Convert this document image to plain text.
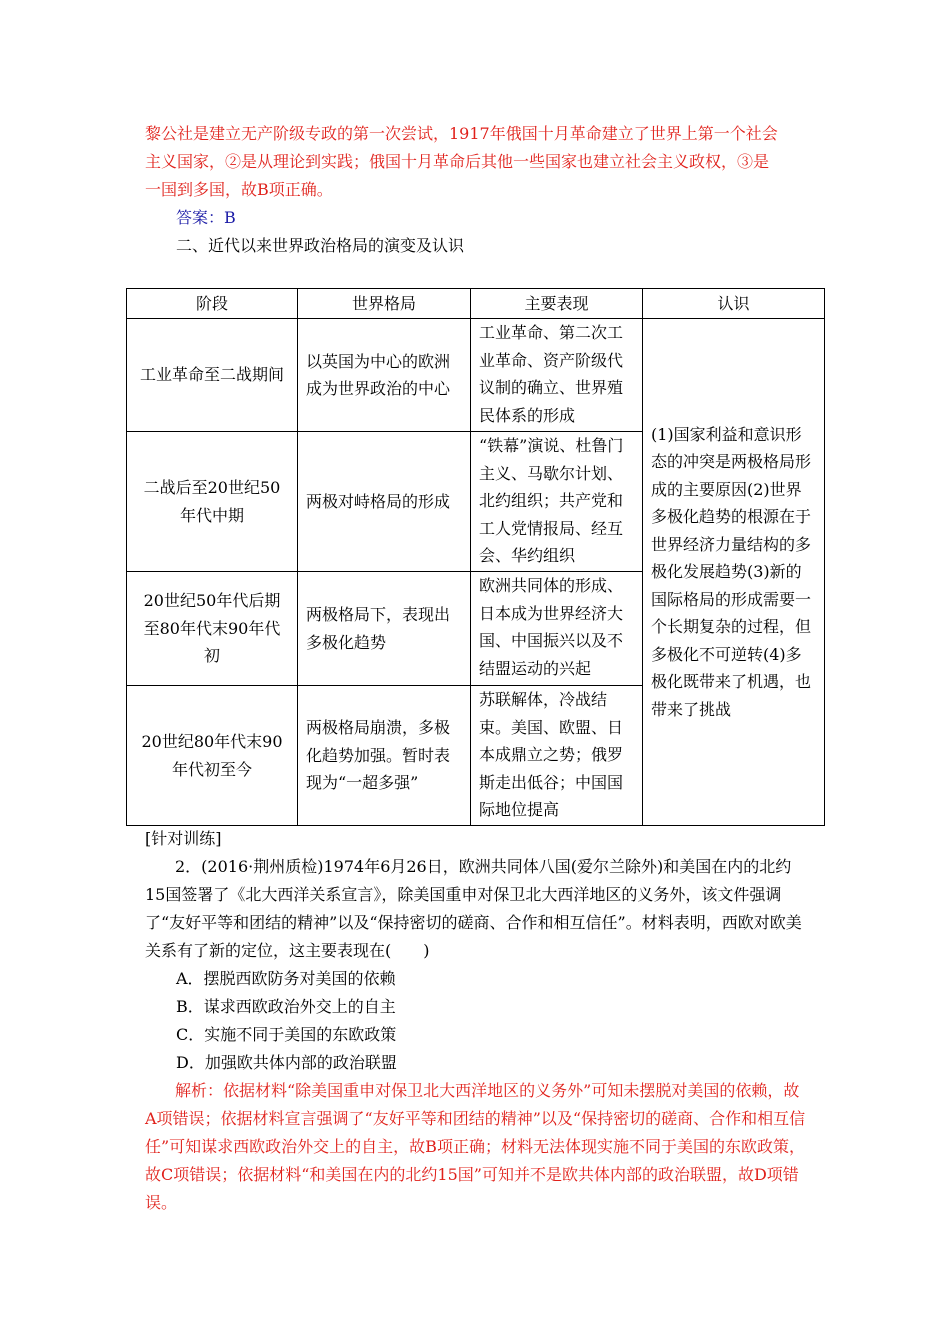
黎公社是建立无产阶级专政的第一次尝试，1917年俄国十月革命建立了世界上第一个社会
主义国家，②是从理论到实践；俄国十月革命后其他一些国家也建立社会主义政权，③是
一国到多国，故B项正确。
答案：B
二、近代以来世界政治格局的演变及认识
阶段	世界格局	主要表现	认识
工业革命至二战期间	以英国为中心的欧洲成为世界政治的中心	工业革命、第二次工业革命、资产阶级代议制的确立、世界殖民体系的形成	(1)国家利益和意识形态的冲突是两极格局形成的主要原因(2)世界多极化趋势的根源在于世界经济力量结构的多极化发展趋势(3)新的国际格局的形成需要一个长期复杂的过程，但多极化不可逆转(4)多极化既带来了机遇，也带来了挑战
二战后至20世纪50年代中期	两极对峙格局的形成	“铁幕”演说、杜鲁门主义、马歇尔计划、北约组织；共产党和工人党情报局、经互会、华约组织	
20世纪50年代后期至80年代末90年代初	两极格局下，表现出多极化趋势	欧洲共同体的形成、日本成为世界经济大国、中国振兴以及不结盟运动的兴起	
20世纪80年代末90年代初至今	两极格局崩溃，多极化趋势加强。暂时表现为“一超多强”	苏联解体，冷战结束。美国、欧盟、日本成鼎立之势；俄罗斯走出低谷；中国国际地位提高	
[针对训练]

2．(2016·荆州质检)1974年6月26日，欧洲共同体八国(爱尔兰除外)和美国在内的北约15国签署了《北大西洋关系宣言》，除美国重申对保卫北大西洋地区的义务外，该文件强调了“友好平等和团结的精神”以及“保持密切的磋商、合作和相互信任”。材料表明，西欧对欧美关系有了新的定位，这主要表现在(　　)

A．摆脱西欧防务对美国的依赖
B．谋求西欧政治外交上的自主
C．实施不同于美国的东欧政策
D．加强欧共体内部的政治联盟

解析：依据材料“除美国重申对保卫北大西洋地区的义务外”可知未摆脱对美国的依赖，故A项错误；依据材料宣言强调了“友好平等和团结的精神”以及“保持密切的磋商、合作和相互信任”可知谋求西欧政治外交上的自主，故B项正确；材料无法体现实施不同于美国的东欧政策，故C项错误；依据材料“和美国在内的北约15国”可知并不是欧共体内部的政治联盟，故D项错误。
